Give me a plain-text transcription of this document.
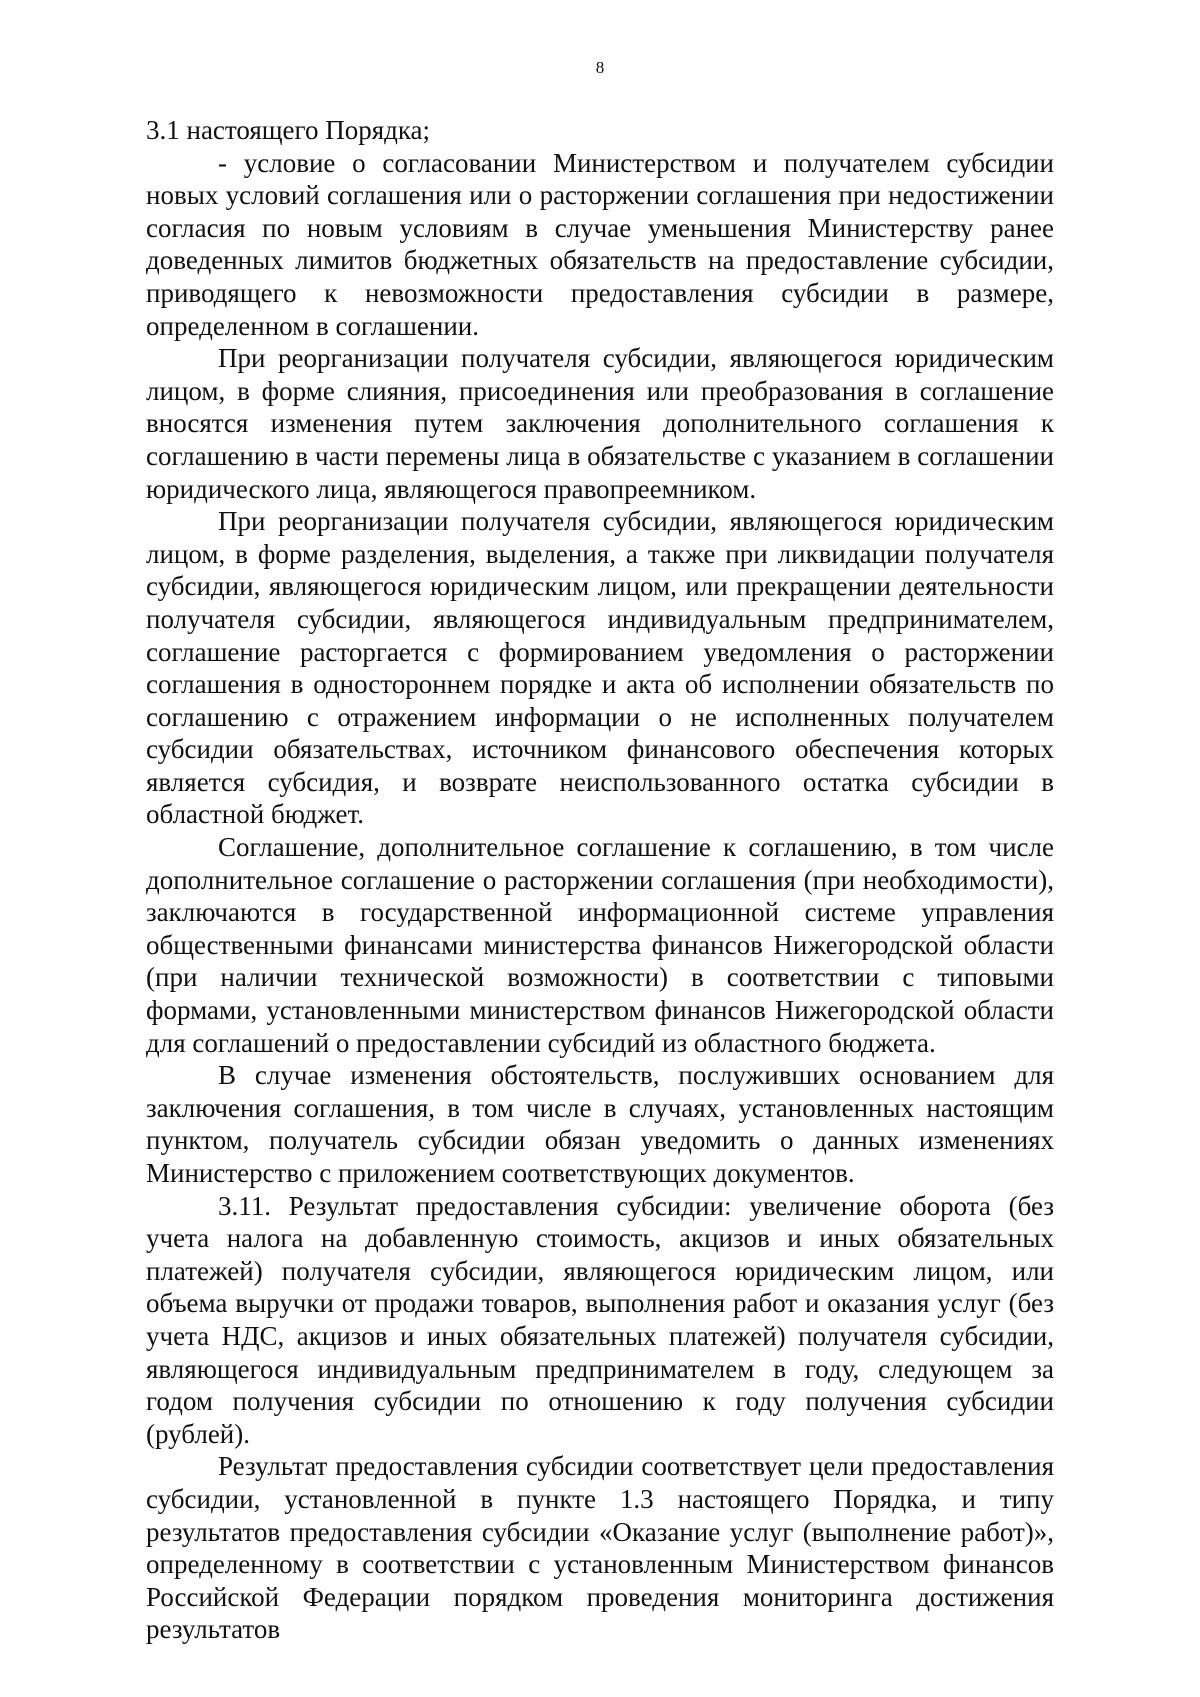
8

3.1 настоящего Порядка;

- условие о согласовании Министерством и получателем субсидии новых условий соглашения или о расторжении соглашения при недостижении согласия по новым условиям в случае уменьшения Министерству ранее доведенных лимитов бюджетных обязательств на предоставление субсидии, приводящего к невозможности предоставления субсидии в размере, определенном в соглашении.

При реорганизации получателя субсидии, являющегося юридическим лицом, в форме слияния, присоединения или преобразования в соглашение вносятся изменения путем заключения дополнительного соглашения к соглашению в части перемены лица в обязательстве с указанием в соглашении юридического лица, являющегося правопреемником.

При реорганизации получателя субсидии, являющегося юридическим лицом, в форме разделения, выделения, а также при ликвидации получателя субсидии, являющегося юридическим лицом, или прекращении деятельности получателя субсидии, являющегося индивидуальным предпринимателем, соглашение расторгается с формированием уведомления о расторжении соглашения в одностороннем порядке и акта об исполнении обязательств по соглашению с отражением информации о не исполненных получателем субсидии обязательствах, источником финансового обеспечения которых является субсидия, и возврате неиспользованного остатка субсидии в областной бюджет.

Соглашение, дополнительное соглашение к соглашению, в том числе дополнительное соглашение о расторжении соглашения (при необходимости), заключаются в государственной информационной системе управления общественными финансами министерства финансов Нижегородской области (при наличии технической возможности) в соответствии с типовыми формами, установленными министерством финансов Нижегородской области для соглашений о предоставлении субсидий из областного бюджета.

В случае изменения обстоятельств, послуживших основанием для заключения соглашения, в том числе в случаях, установленных настоящим пунктом, получатель субсидии обязан уведомить о данных изменениях Министерство с приложением соответствующих документов.

3.11. Результат предоставления субсидии: увеличение оборота (без учета налога на добавленную стоимость, акцизов и иных обязательных платежей) получателя субсидии, являющегося юридическим лицом, или объема выручки от продажи товаров, выполнения работ и оказания услуг (без учета НДС, акцизов и иных обязательных платежей) получателя субсидии, являющегося индивидуальным предпринимателем в году, следующем за годом получения субсидии по отношению к году получения субсидии (рублей).

Результат предоставления субсидии соответствует цели предоставления субсидии, установленной в пункте 1.3 настоящего Порядка, и типу результатов предоставления субсидии «Оказание услуг (выполнение работ)», определенному в соответствии с установленным Министерством финансов Российской Федерации порядком проведения мониторинга достижения результатов
